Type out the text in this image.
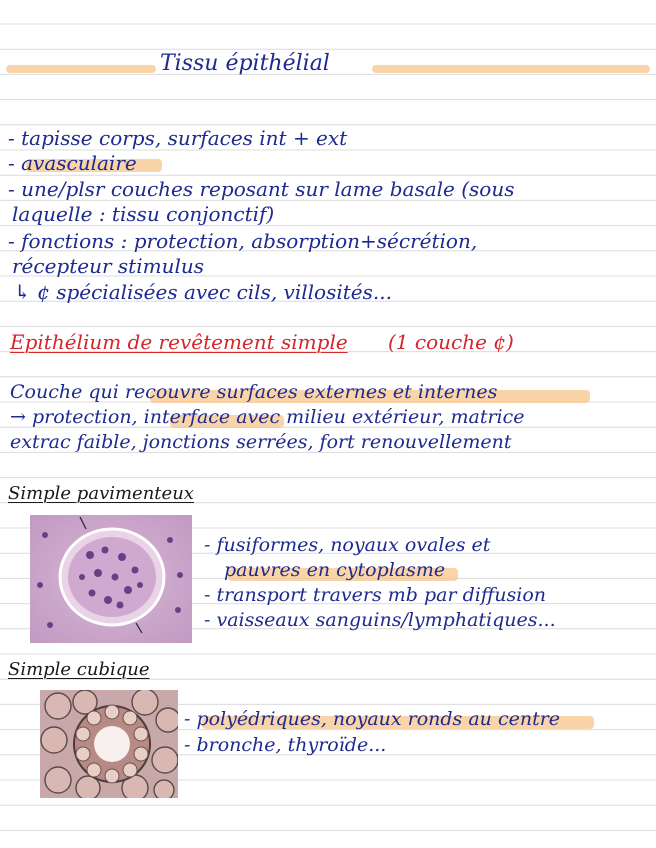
Tissu épithélial
- tapisse corps, surfaces int + ext
- avasculaire
- une/plsr couches reposant sur lame basale (sous
laquelle : tissu conjonctif)
- fonctions : protection, absorption+sécrétion,
récepteur stimulus
↳ ¢ spécialisées avec cils, villosités...
Epithélium de revêtement simple (1 couche ¢)
Couche qui recouvre surfaces externes et internes
→ protection, interface avec milieu extérieur, matrice
extrac faible, jonctions serrées, fort renouvellement
Simple pavimenteux
- fusiformes, noyaux ovales et
pauvres en cytoplasme
- transport travers mb par diffusion
- vaisseaux sanguins/lymphatiques...
Simple cubique
- polyédriques, noyaux ronds au centre
- bronche, thyroïde...
